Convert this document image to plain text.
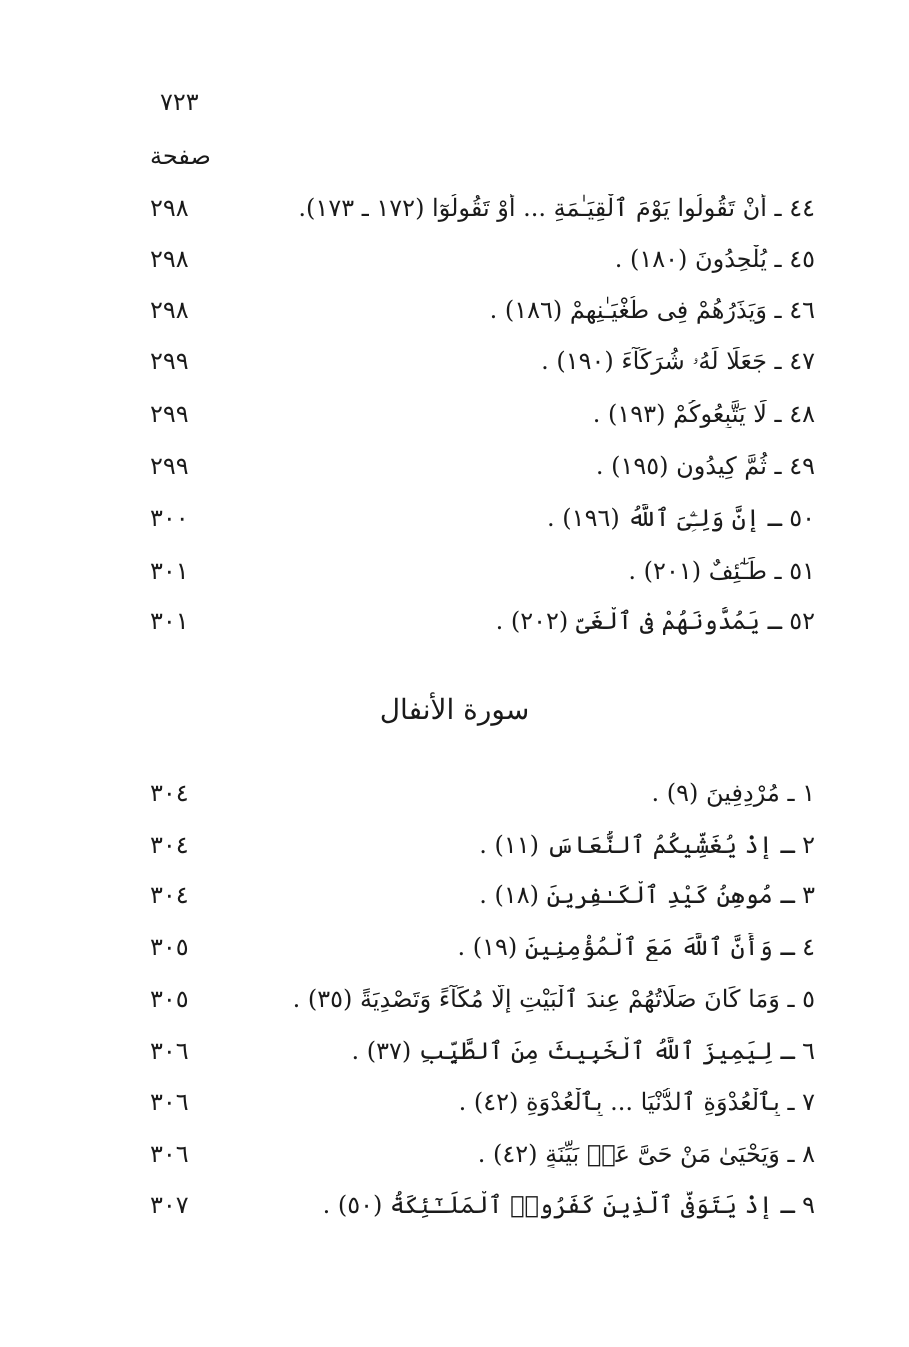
٧٢٣
صفحة
٢٩٨	٤٤ ـ أَنْ تَقُولُوا يَوْمَ ٱلْقِيَـٰمَةِ ... أَوْ تَقُولُوٓا (١٧٢ ـ ١٧٣).
٢٩٨	٤٥ ـ يُلْحِدُونَ (١٨٠) .
٢٩٨	٤٦ ـ وَيَذَرُهُمْ فِى طُغْيَـٰنِهِمْ (١٨٦) .
٢٩٩	٤٧ ـ جَعَلَا لَهُۥ شُرَكَآءَ (١٩٠) .
٢٩٩	٤٨ ـ لَا يَتَّبِعُوكُمْ (١٩٣) .
٢٩٩	٤٩ ـ ثُمَّ كِيدُونِ (١٩٥) .
٣٠٠	٥٠ ـ إِنَّ وَلِـِّۧىَ ٱللَّهُ (١٩٦) .
٣٠١	٥١ ـ طَـٰٓئِفٌ (٢٠١) .
٣٠١	٥٢ ـ يَمُدُّونَهُمْ فِى ٱلْغَىِّ (٢٠٢) .
سورة الأنفال
٣٠٤	١ ـ مُرْدِفِينَ (٩) .
٣٠٤	٢ ـ إِذْ يُغَشِّيكُمُ ٱلنُّعَاسَ (١١) .
٣٠٤	٣ ـ مُوهِنُ كَيْدِ ٱلْكَـٰفِرِينَ (١٨) .
٣٠٥	٤ ـ وَأَنَّ ٱللَّهَ مَعَ ٱلْمُؤْمِنِينَ (١٩) .
٣٠٥	٥ ـ وَمَا كَانَ صَلَاتُهُمْ عِندَ ٱلْبَيْتِ إِلَّا مُكَآءً وَتَصْدِيَةً (٣٥) .
٣٠٦	٦ ـ لِيَمِيزَ ٱللَّهُ ٱلْخَبِيثَ مِنَ ٱلطَّيِّبِ (٣٧) .
٣٠٦	٧ ـ بِٱلْعُدْوَةِ ٱلدُّنْيَا ... بِٱلْعُدْوَةِ (٤٢) .
٣٠٦	٨ ـ وَيَحْيَىٰ مَنْ حَىَّ عَنۢ بَيِّنَةٍ (٤٢) .
٣٠٧	٩ ـ إِذْ يَتَوَفَّى ٱلَّذِينَ كَفَرُوا۟ ٱلْمَلَـٰٓئِكَةُ (٥٠) .
